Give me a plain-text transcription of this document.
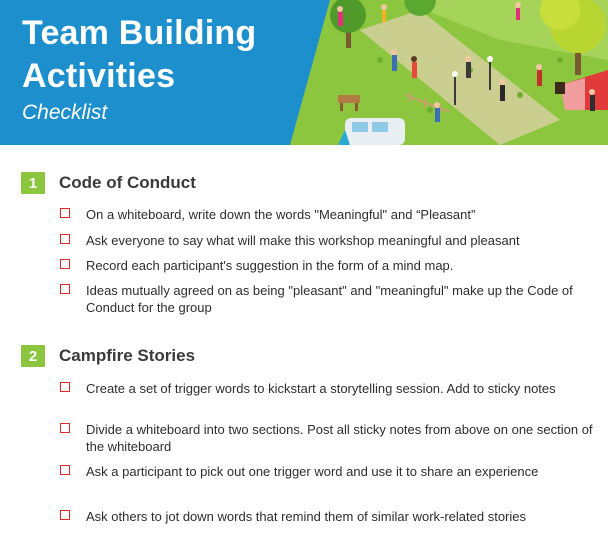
Team Building
Activities
Checklist
1	Code of Conduct
On a whiteboard, write down the words "Meaningful" and “Pleasant”
Ask everyone to say what will make this workshop meaningful and pleasant
Record each participant's suggestion in the form of a mind map.
Ideas mutually agreed on as being "pleasant" and "meaningful" make up the Code of Conduct for the group
2	Campfire Stories
Create a set of trigger words to kickstart a storytelling session. Add to sticky notes
Divide a whiteboard into two sections. Post all sticky notes from above on one section of the whiteboard
Ask a participant to pick out one trigger word and use it to share an experience
Ask others to jot down words that remind them of similar work-related stories
